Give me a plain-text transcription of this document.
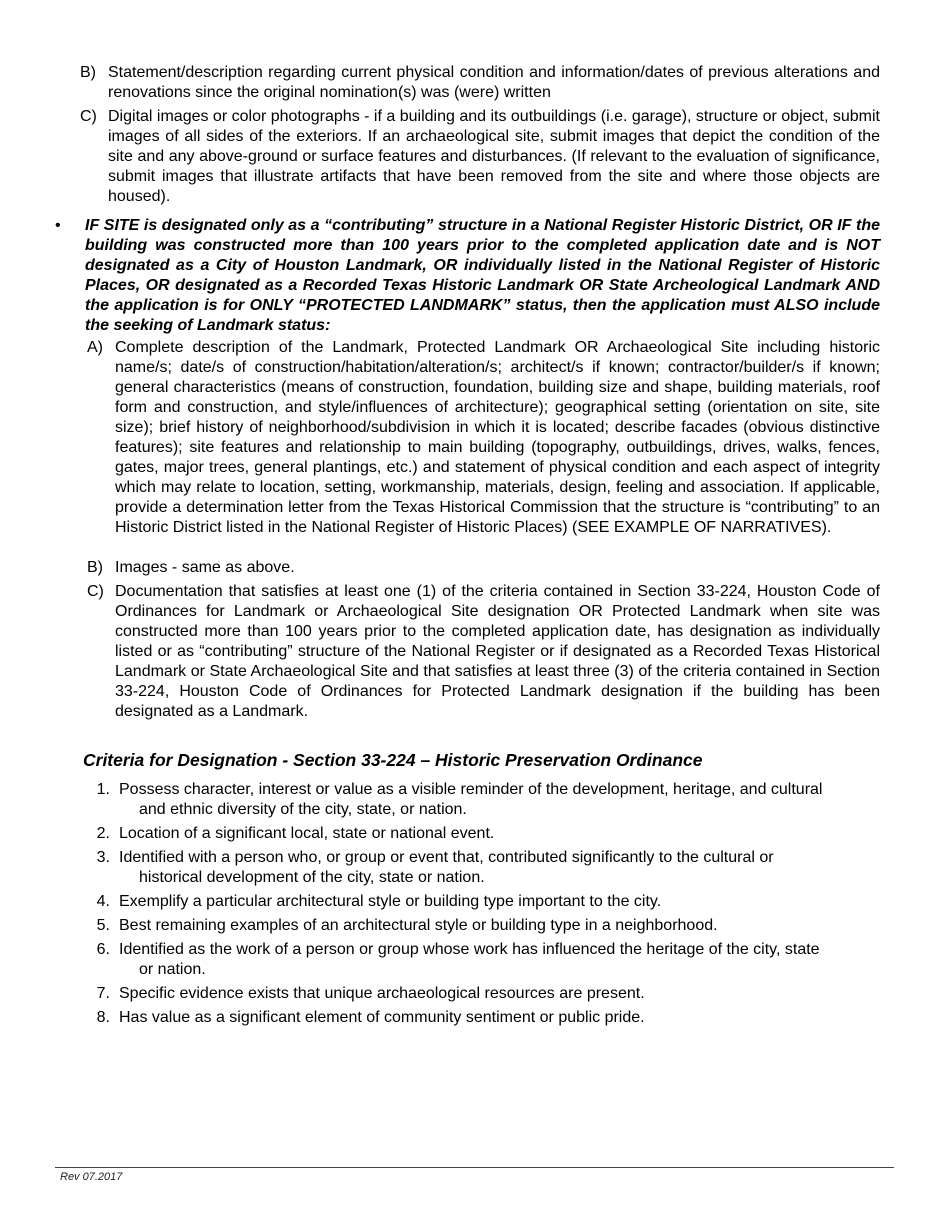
B) Statement/description regarding current physical condition and information/dates of previous alterations and renovations since the original nomination(s) was (were) written
C) Digital images or color photographs - if a building and its outbuildings (i.e. garage), structure or object, submit images of all sides of the exteriors. If an archaeological site, submit images that depict the condition of the site and any above-ground or surface features and disturbances. (If relevant to the evaluation of significance, submit images that illustrate artifacts that have been removed from the site and where those objects are housed).
•	IF SITE is designated only as a “contributing” structure in a National Register Historic District, OR IF the building was constructed more than 100 years prior to the completed application date and is NOT designated as a City of Houston Landmark, OR individually listed in the National Register of Historic Places, OR designated as a Recorded Texas Historic Landmark OR State Archeological Landmark AND the application is for ONLY “PROTECTED LANDMARK” status, then the application must ALSO include the seeking of Landmark status:
A) Complete description of the Landmark, Protected Landmark OR Archaeological Site including historic name/s; date/s of construction/habitation/alteration/s; architect/s if known; contractor/builder/s if known; general characteristics (means of construction, foundation, building size and shape, building materials, roof form and construction, and style/influences of architecture); geographical setting (orientation on site, site size); brief history of neighborhood/subdivision in which it is located; describe facades (obvious distinctive features); site features and relationship to main building (topography, outbuildings, drives, walks, fences, gates, major trees, general plantings, etc.) and statement of physical condition and each aspect of integrity which may relate to location, setting, workmanship, materials, design, feeling and association. If applicable, provide a determination letter from the Texas Historical Commission that the structure is “contributing” to an Historic District listed in the National Register of Historic Places) (SEE EXAMPLE OF NARRATIVES).
B) Images - same as above.
C) Documentation that satisfies at least one (1) of the criteria contained in Section 33-224, Houston Code of Ordinances for Landmark or Archaeological Site designation OR Protected Landmark when site was constructed more than 100 years prior to the completed application date, has designation as individually listed or as “contributing” structure of the National Register or if designated as a Recorded Texas Historical Landmark or State Archaeological Site and that satisfies at least three (3) of the criteria contained in Section 33-224, Houston Code of Ordinances for Protected Landmark designation if the building has been designated as a Landmark.
Criteria for Designation - Section 33-224 – Historic Preservation Ordinance
1. Possess character, interest or value as a visible reminder of the development, heritage, and cultural
and ethnic diversity of the city, state, or nation.
2. Location of a significant local, state or national event.
3. Identified with a person who, or group or event that, contributed significantly to the cultural or
historical development of the city, state or nation.
4. Exemplify a particular architectural style or building type important to the city.
5. Best remaining examples of an architectural style or building type in a neighborhood.
6. Identified as the work of a person or group whose work has influenced the heritage of the city, state
or nation.
7. Specific evidence exists that unique archaeological resources are present.
8. Has value as a significant element of community sentiment or public pride.
Rev 07.2017
